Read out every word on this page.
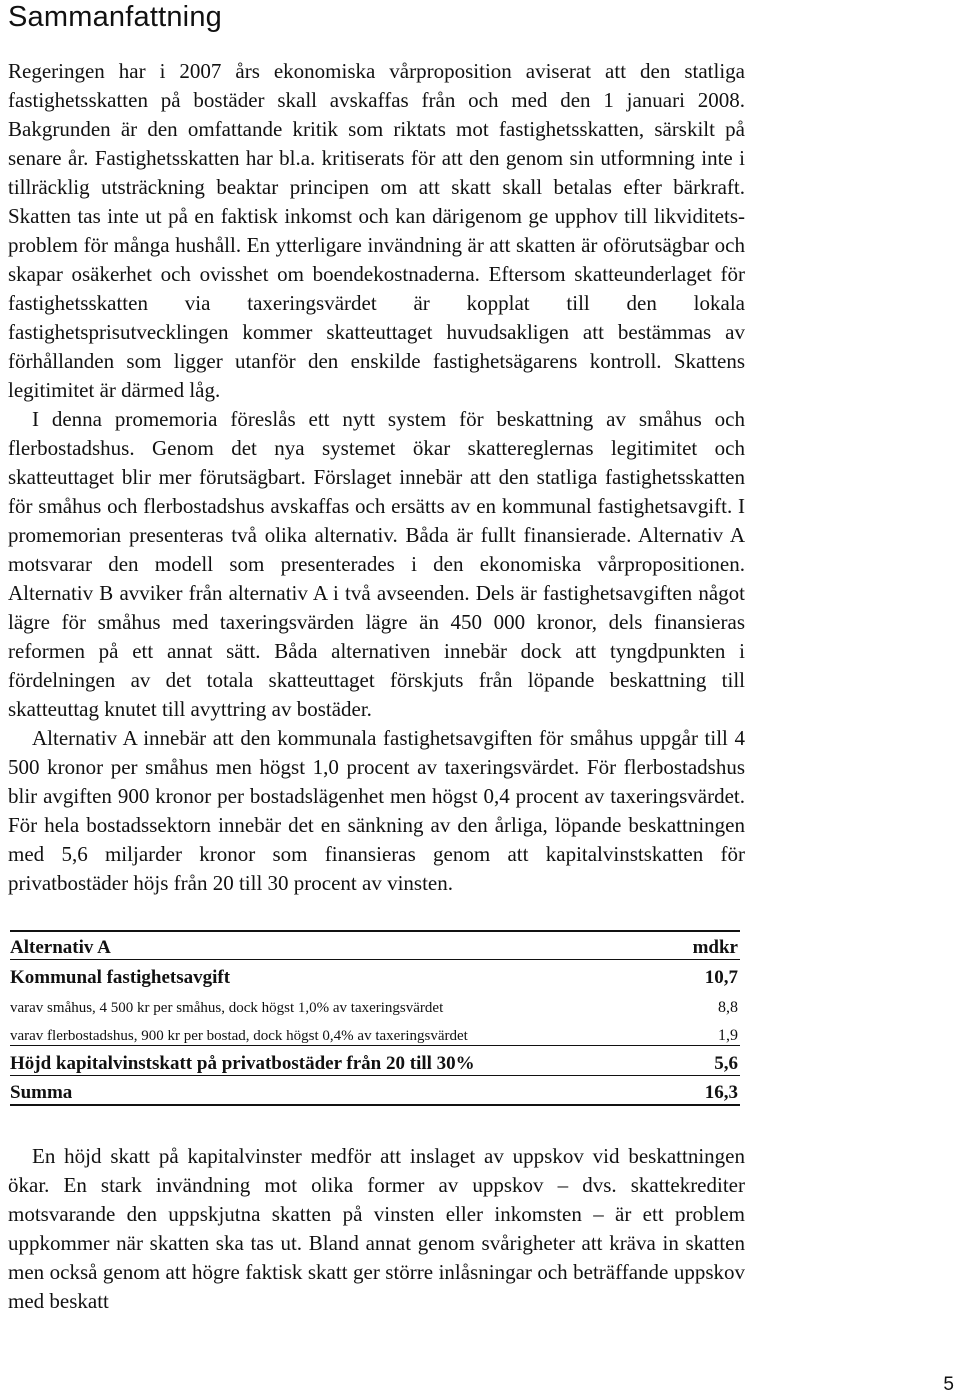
Sammanfattning

Regeringen har i 2007 års ekonomiska vårproposition aviserat att den statliga fastighetsskatten på bostäder skall avskaffas från och med den 1 januari 2008. Bakgrunden är den omfattande kritik som riktats mot fastighetsskatten, särskilt på senare år. Fastighetsskatten har bl.a. kritiserats för att den genom sin utformning inte i tillräcklig utsträckning beaktar principen om att skatt skall betalas efter bärkraft. Skatten tas inte ut på en faktisk inkomst och kan därigenom ge upphov till likviditetsproblem för många hushåll. En ytterligare invändning är att skatten är oförutsägbar och skapar osäkerhet och ovisshet om boendekostnaderna. Eftersom skatteunderlaget för fastighetsskatten via taxeringsvärdet är kopplat till den lokala fastighetsprisutvecklingen kommer skatteuttaget huvudsakligen att bestämmas av förhållanden som ligger utanför den enskilde fastighetsägarens kontroll. Skattens legitimitet är därmed låg.

I denna promemoria föreslås ett nytt system för beskattning av småhus och flerbostadshus. Genom det nya systemet ökar skattereglernas legitimitet och skatteuttaget blir mer förutsägbart. Förslaget innebär att den statliga fastighetsskatten för småhus och flerbostadshus avskaffas och ersätts av en kommunal fastighetsavgift. I promemorian presenteras två olika alternativ. Båda är fullt finansierade. Alternativ A motsvarar den modell som presenterades i den ekonomiska vårpropositionen. Alternativ B avviker från alternativ A i två avseenden. Dels är fastighetsavgiften något lägre för småhus med taxeringsvärden lägre än 450 000 kronor, dels finansieras reformen på ett annat sätt. Båda alternativen innebär dock att tyngdpunkten i fördelningen av det totala skatteuttaget förskjuts från löpande beskattning till skatteuttag knutet till avyttring av bostäder.

Alternativ A innebär att den kommunala fastighetsavgiften för småhus uppgår till 4 500 kronor per småhus men högst 1,0 procent av taxeringsvärdet. För flerbostadshus blir avgiften 900 kronor per bostadslägenhet men högst 0,4 procent av taxeringsvärdet. För hela bostadssektorn innebär det en sänkning av den årliga, löpande beskattningen med 5,6 miljarder kronor som finansieras genom att kapitalvinstskatten för privatbostäder höjs från 20 till 30 procent av vinsten.

Alternativ A	mdkr
Kommunal fastighetsavgift	10,7
varav småhus, 4 500 kr per småhus, dock högst 1,0% av taxeringsvärdet	8,8
varav flerbostadshus, 900 kr per bostad, dock högst 0,4% av taxeringsvärdet	1,9
Höjd kapitalvinstskatt på privatbostäder från 20 till 30%	5,6
Summa	16,3

En höjd skatt på kapitalvinster medför att inslaget av uppskov vid beskattningen ökar. En stark invändning mot olika former av uppskov – dvs. skattekrediter motsvarande den uppskjutna skatten på vinsten eller inkomsten – är ett problem uppkommer när skatten ska tas ut. Bland annat genom svårigheter att kräva in skatten men också genom att högre faktisk skatt ger större inlåsningar och beträffande uppskov med beskatt

5
